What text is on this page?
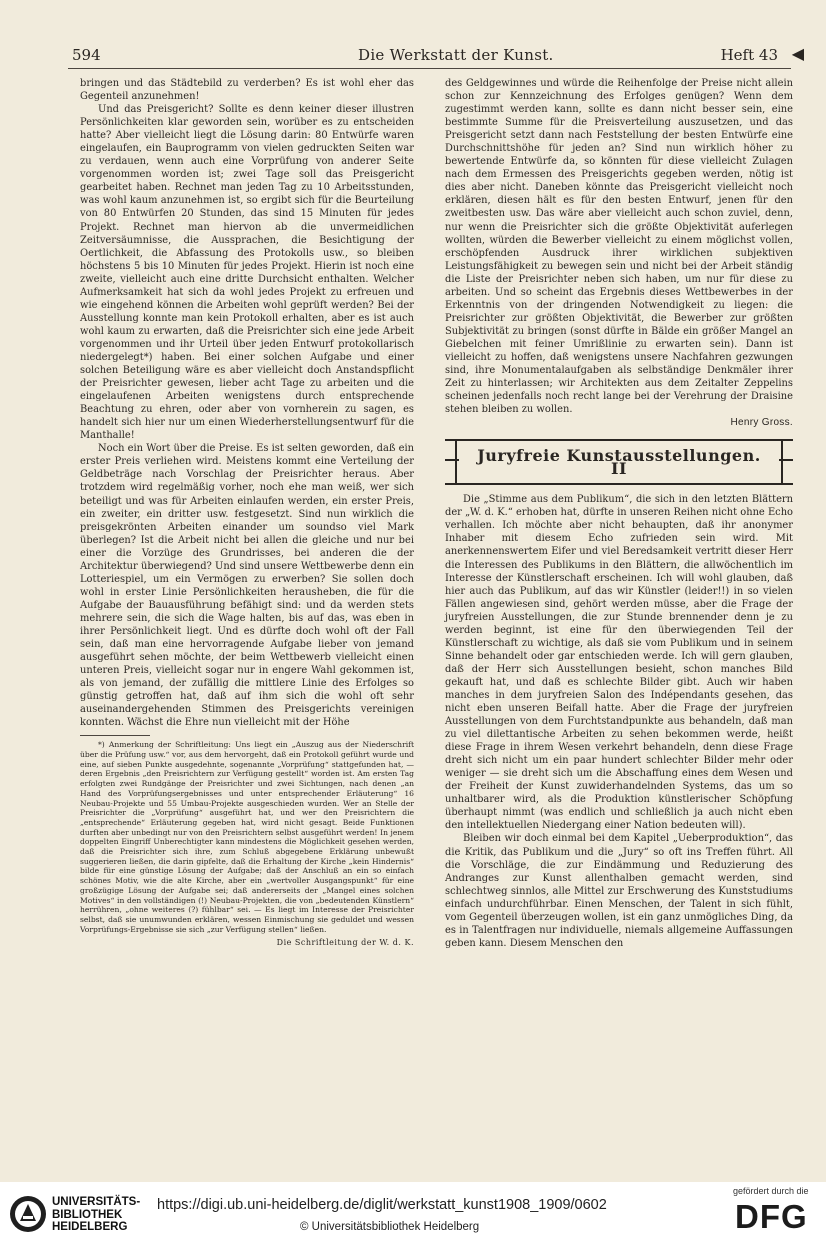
594	Die Werkstatt der Kunst.	Heft 43 ◀

bringen und das Städtebild zu verderben? Es ist wohl eher das Gegenteil anzunehmen!

Und das Preisgericht? Sollte es denn keiner dieser illustren Persönlichkeiten klar geworden sein, worüber es zu entscheiden hatte? Aber vielleicht liegt die Lösung darin: 80 Entwürfe waren eingelaufen, ein Bauprogramm von vielen gedruckten Seiten war zu verdauen, wenn auch eine Vorprüfung von anderer Seite vorgenommen worden ist; zwei Tage soll das Preisgericht gearbeitet haben. Rechnet man jeden Tag zu 10 Arbeitsstunden, was wohl kaum anzunehmen ist, so ergibt sich für die Beurteilung von 80 Entwürfen 20 Stunden, das sind 15 Minuten für jedes Projekt. Rechnet man hiervon ab die unvermeidlichen Zeitversäumnisse, die Aussprachen, die Besichtigung der Oertlichkeit, die Abfassung des Protokolls usw., so bleiben höchstens 5 bis 10 Minuten für jedes Projekt. Hierin ist noch eine zweite, vielleicht auch eine dritte Durchsicht enthalten. Welcher Aufmerksamkeit hat sich da wohl jedes Projekt zu erfreuen und wie eingehend können die Arbeiten wohl geprüft werden? Bei der Ausstellung konnte man kein Protokoll erhalten, aber es ist auch wohl kaum zu erwarten, daß die Preisrichter sich eine jede Arbeit vorgenommen und ihr Urteil über jeden Entwurf protokollarisch niedergelegt*) haben. Bei einer solchen Aufgabe und einer solchen Beteiligung wäre es aber vielleicht doch Anstandspflicht der Preisrichter gewesen, lieber acht Tage zu arbeiten und die eingelaufenen Arbeiten wenigstens durch entsprechende Beachtung zu ehren, oder aber von vornherein zu sagen, es handelt sich hier nur um einen Wiederherstellungsentwurf für die Manthalle!

Noch ein Wort über die Preise. Es ist selten geworden, daß ein erster Preis verliehen wird. Meistens kommt eine Verteilung der Geldbeträge nach Vorschlag der Preisrichter heraus. Aber trotzdem wird regelmäßig vorher, noch ehe man weiß, wer sich beteiligt und was für Arbeiten einlaufen werden, ein erster Preis, ein zweiter, ein dritter usw. festgesetzt. Sind nun wirklich die preisgekrönten Arbeiten einander um soundso viel Mark überlegen? Ist die Arbeit nicht bei allen die gleiche und nur bei einer die Vorzüge des Grundrisses, bei anderen die der Architektur überwiegend? Und sind unsere Wettbewerbe denn ein Lotteriespiel, um ein Vermögen zu erwerben? Sie sollen doch wohl in erster Linie Persönlichkeiten herausheben, die für die Aufgabe der Bauausführung befähigt sind: und da werden stets mehrere sein, die sich die Wage halten, bis auf das, was eben in ihrer Persönlichkeit liegt. Und es dürfte doch wohl oft der Fall sein, daß man eine hervorragende Aufgabe lieber von jemand ausgeführt sehen möchte, der beim Wettbewerb vielleicht einen unteren Preis, vielleicht sogar nur in engere Wahl gekommen ist, als von jemand, der zufällig die mittlere Linie des Erfolges so günstig getroffen hat, daß auf ihm sich die wohl oft sehr auseinandergehenden Stimmen des Preisgerichts vereinigen konnten. Wächst die Ehre nun vielleicht mit der Höhe

*) Anmerkung der Schriftleitung: Uns liegt ein „Auszug aus der Niederschrift über die Prüfung usw.“ vor, aus dem hervorgeht, daß ein Protokoll geführt wurde und eine, auf sieben Punkte ausgedehnte, sogenannte „Vorprüfung“ stattgefunden hat, — deren Ergebnis „den Preisrichtern zur Verfügung gestellt“ worden ist. Am ersten Tag erfolgten zwei Rundgänge der Preisrichter und zwei Sichtungen, nach denen „an Hand des Vorprüfungsergebnisses und unter entsprechender Erläuterung“ 16 Neubau-Projekte und 55 Umbau-Projekte ausgeschieden wurden. Wer an Stelle der Preisrichter die „Vorprüfung“ ausgeführt hat, und wer den Preisrichtern die „entsprechende“ Erläuterung gegeben hat, wird nicht gesagt. Beide Funktionen durften aber unbedingt nur von den Preisrichtern selbst ausgeführt werden! In jenem doppelten Eingriff Unberechtigter kann mindestens die Möglichkeit gesehen werden, daß die Preisrichter sich ihre, zum Schluß abgegebene Erklärung unbewußt suggerieren ließen, die darin gipfelte, daß die Erhaltung der Kirche „kein Hindernis“ bilde für eine günstige Lösung der Aufgabe; daß der Anschluß an ein so einfach schönes Motiv, wie die alte Kirche, aber ein „wertvoller Ausgangspunkt“ für eine großzügige Lösung der Aufgabe sei; daß andererseits der „Mangel eines solchen Motives“ in den vollständigen (!) Neubau-Projekten, die von „bedeutenden Künstlern“ herrühren, „ohne weiteres (?) fühlbar“ sei. — Es liegt im Interesse der Preisrichter selbst, daß sie unumwunden erklären, wessen Einmischung sie geduldet und wessen Vorprüfungs-Ergebnisse sie sich „zur Verfügung stellen“ ließen.

Die Schriftleitung der W. d. K.

des Geldgewinnes und würde die Reihenfolge der Preise nicht allein schon zur Kennzeichnung des Erfolges genügen? Wenn dem zugestimmt werden kann, sollte es dann nicht besser sein, eine bestimmte Summe für die Preisverteilung auszusetzen, und das Preisgericht setzt dann nach Feststellung der besten Entwürfe eine Durchschnittshöhe für jeden an? Sind nun wirklich höher zu bewertende Entwürfe da, so könnten für diese vielleicht Zulagen nach dem Ermessen des Preisgerichts gegeben werden, nötig ist dies aber nicht. Daneben könnte das Preisgericht vielleicht noch erklären, diesen hält es für den besten Entwurf, jenen für den zweitbesten usw. Das wäre aber vielleicht auch schon zuviel, denn, nur wenn die Preisrichter sich die größte Objektivität auferlegen wollten, würden die Bewerber vielleicht zu einem möglichst vollen, erschöpfenden Ausdruck ihrer wirklichen subjektiven Leistungsfähigkeit zu bewegen sein und nicht bei der Arbeit ständig die Liste der Preisrichter neben sich haben, um nur für diese zu arbeiten. Und so scheint das Ergebnis dieses Wettbewerbes in der Erkenntnis von der dringenden Notwendigkeit zu liegen: die Preisrichter zur größten Objektivität, die Bewerber zur größten Subjektivität zu bringen (sonst dürfte in Bälde ein größer Mangel an Giebelchen mit feiner Umrißlinie zu erwarten sein). Dann ist vielleicht zu hoffen, daß wenigstens unsere Nachfahren gezwungen sind, ihre Monumentalaufgaben als selbständige Denkmäler ihrer Zeit zu hinterlassen; wir Architekten aus dem Zeitalter Zeppelins scheinen jedenfalls noch recht lange bei der Verehrung der Draisine stehen bleiben zu wollen.

Henry Gross.
Juryfreie Kunstausstellungen. II

Die „Stimme aus dem Publikum“, die sich in den letzten Blättern der „W. d. K.“ erhoben hat, dürfte in unseren Reihen nicht ohne Echo verhallen. Ich möchte aber nicht behaupten, daß ihr anonymer Inhaber mit diesem Echo zufrieden sein wird. Mit anerkennenswertem Eifer und viel Beredsamkeit vertritt dieser Herr die Interessen des Publikums in den Blättern, die allwöchentlich im Interesse der Künstlerschaft erscheinen. Ich will wohl glauben, daß hier auch das Publikum, auf das wir Künstler (leider!!) in so vielen Fällen angewiesen sind, gehört werden müsse, aber die Frage der juryfreien Ausstellungen, die zur Stunde brennender denn je zu werden beginnt, ist eine für den überwiegenden Teil der Künstlerschaft zu wichtige, als daß sie vom Publikum und in seinem Sinne behandelt oder gar entschieden werde. Ich will gern glauben, daß der Herr sich Ausstellungen besieht, schon manches Bild gekauft hat, und daß es schlechte Bilder gibt. Auch wir haben manches in dem juryfreien Salon des Indépendants gesehen, das nicht eben unseren Beifall hatte. Aber die Frage der juryfreien Ausstellungen von dem Furchtstandpunkte aus behandeln, daß man zu viel dilettantische Arbeiten zu sehen bekommen werde, heißt diese Frage in ihrem Wesen verkehrt behandeln, denn diese Frage dreht sich nicht um ein paar hundert schlechter Bilder mehr oder weniger — sie dreht sich um die Abschaffung eines dem Wesen und der Freiheit der Kunst zuwiderhandelnden Systems, das um so unhaltbarer wird, als die Produktion künstlerischer Schöpfung überhaupt nimmt (was endlich und schließlich ja auch nicht eben den intellektuellen Niedergang einer Nation bedeuten will).

Bleiben wir doch einmal bei dem Kapitel „Ueberproduktion“, das die Kritik, das Publikum und die „Jury“ so oft ins Treffen führt. All die Vorschläge, die zur Eindämmung und Reduzierung des Andranges zur Kunst allenthalben gemacht werden, sind schlechtweg sinnlos, alle Mittel zur Erschwerung des Kunststudiums einfach undurchführbar. Einen Menschen, der Talent in sich fühlt, vom Gegenteil überzeugen wollen, ist ein ganz unmögliches Ding, da es in Talentfragen nur individuelle, niemals allgemeine Auffassungen geben kann. Diesem Menschen den

UNIVERSITÄTS-
BIBLIOTHEK
HEIDELBERG
https://digi.ub.uni-heidelberg.de/diglit/werkstatt_kunst1908_1909/0602
© Universitätsbibliothek Heidelberg
gefördert durch die
DFG
